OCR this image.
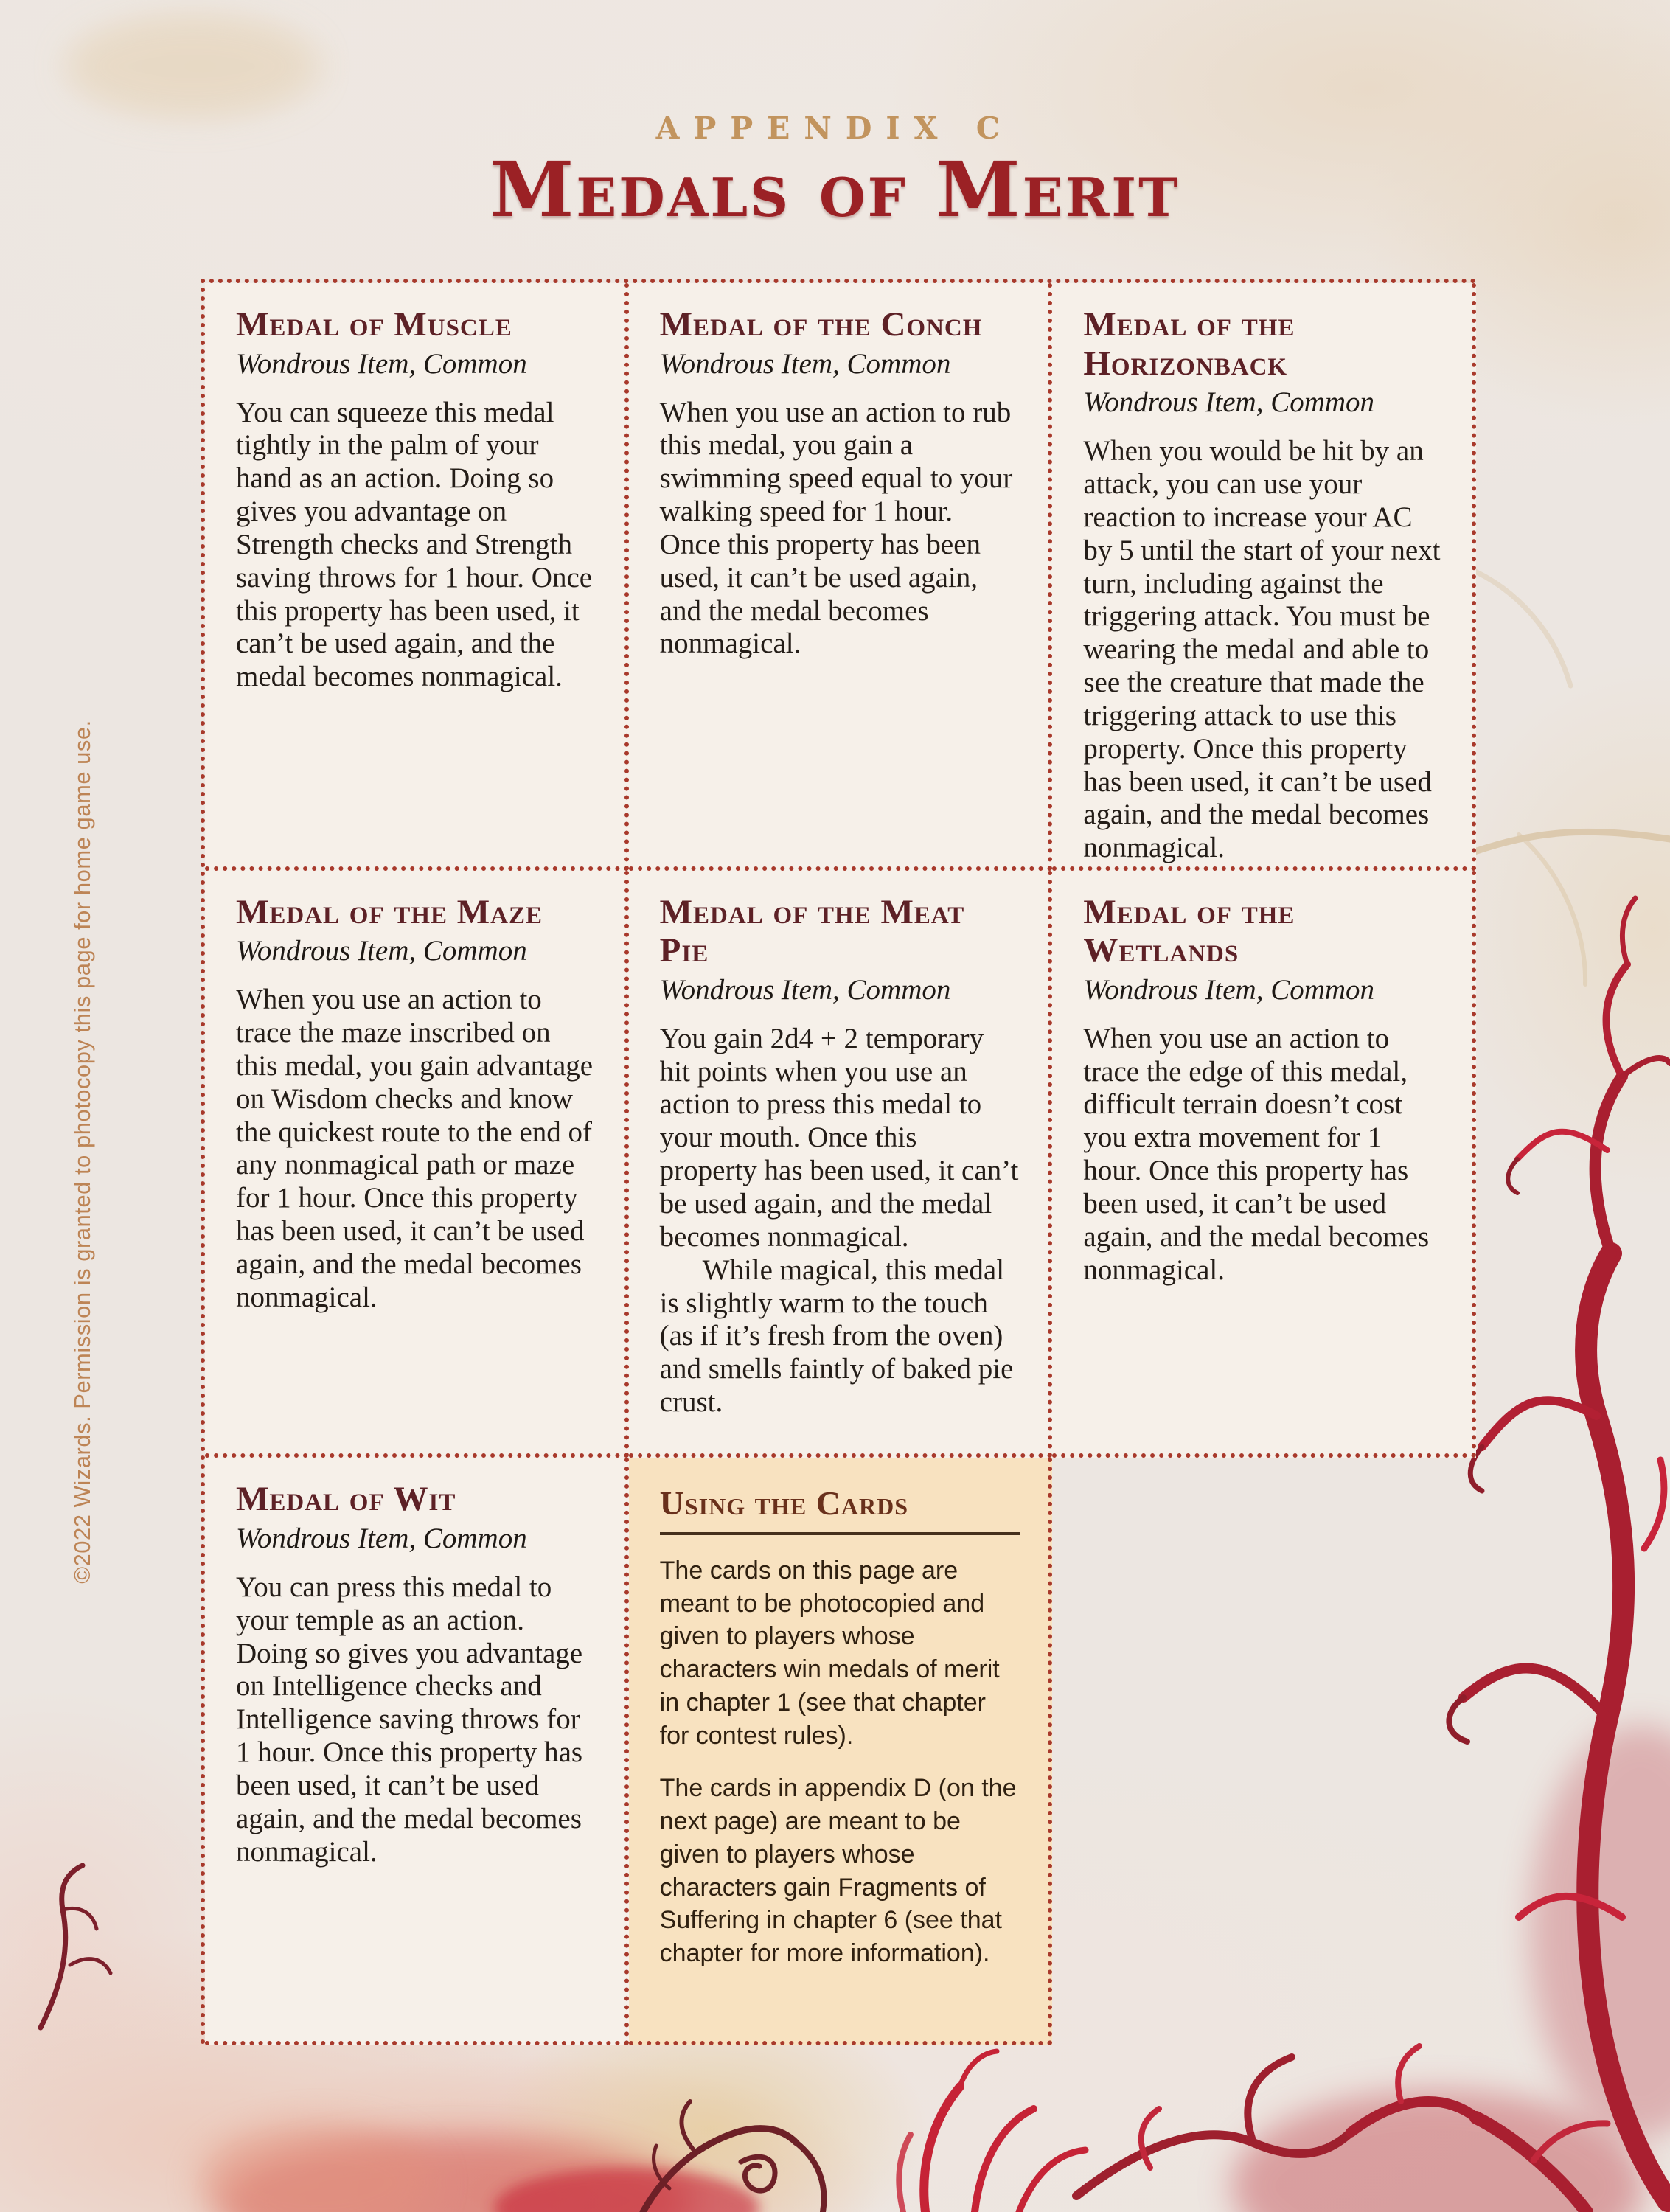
©2022 Wizards. Permission is granted to photocopy this page for home game use.
APPENDIX C
Medals of Merit
Medal of Muscle
Wondrous Item, Common

You can squeeze this medal tightly in the palm of your hand as an action. Doing so gives you advantage on Strength checks and Strength saving throws for 1 hour. Once this property has been used, it can’t be used again, and the medal becomes nonmagical.

Medal of the Conch
Wondrous Item, Common

When you use an action to rub this medal, you gain a swimming speed equal to your walking speed for 1 hour. Once this property has been used, it can’t be used again, and the medal becomes nonmagical.

Medal of the Horizonback
Wondrous Item, Common

When you would be hit by an attack, you can use your reaction to increase your AC by 5 until the start of your next turn, including against the triggering attack. You must be wearing the medal and able to see the creature that made the triggering attack to use this property. Once this property has been used, it can’t be used again, and the medal becomes nonmagical.

Medal of the Maze
Wondrous Item, Common

When you use an action to trace the maze inscribed on this medal, you gain advantage on Wisdom checks and know the quickest route to the end of any nonmagical path or maze for 1 hour. Once this property has been used, it can’t be used again, and the medal becomes nonmagical.

Medal of the Meat Pie
Wondrous Item, Common

You gain 2d4 + 2 temporary hit points when you use an action to press this medal to your mouth. Once this property has been used, it can’t be used again, and the medal becomes nonmagical.

While magical, this medal is slightly warm to the touch (as if it’s fresh from the oven) and smells faintly of baked pie crust.

Medal of the Wetlands
Wondrous Item, Common

When you use an action to trace the edge of this medal, difficult terrain doesn’t cost you extra movement for 1 hour. Once this property has been used, it can’t be used again, and the medal becomes nonmagical.

Medal of Wit
Wondrous Item, Common

You can press this medal to your temple as an action. Doing so gives you advantage on Intelligence checks and Intelligence saving throws for 1 hour. Once this property has been used, it can’t be used again, and the medal becomes nonmagical.

Using the Cards

The cards on this page are meant to be photocopied and given to players whose characters win medals of merit in chapter 1 (see that chapter for contest rules).

The cards in appendix D (on the next page) are meant to be given to players whose characters gain Fragments of Suffering in chapter 6 (see that chapter for more information).
